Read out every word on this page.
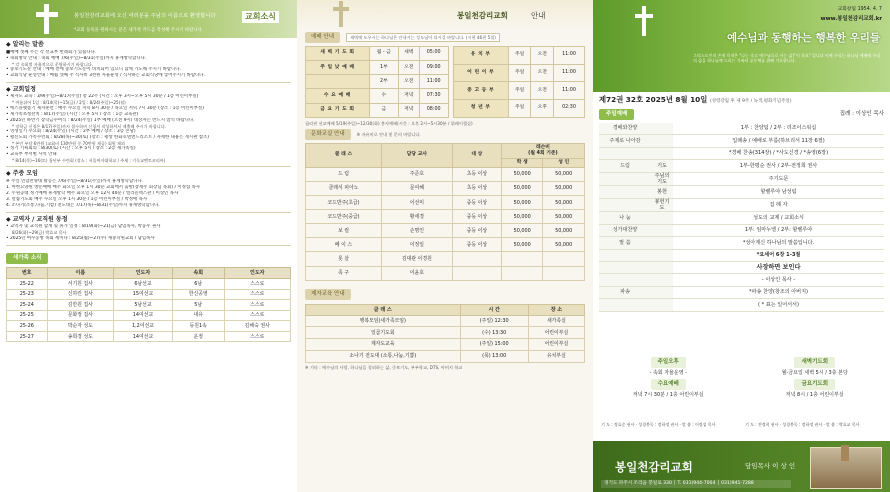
봉일천감리교회에 오신 여러분을 주님의 이름으로 환영합니다
*교회 등록을 원하시는 분은 새가족 카드를 작성해 주시기 바랍니다.
교회소식
◆ 알리는 말씀
■예배 셋째 주는 각 선교부 헌례회가 있습니다.
• 속회방학 안내 : 속회 예배 7/6(주일)~8/31(주일)까지 휴계방학합니다.
* 각 속회별 자율적으로 운영하시기 바랍니다.
• 중보기도문 안내 : 예배 전에 중보기도문이 비치되어 있으니 함께 기도해 주시기 바랍니다.
• 교회식당 운영안내 : 매월 셋째 주 식사비 3천원 자율운영 / 식사하는 교회식당에 넣어주시기 바랍니다.
◆ 교회일정
• 제자도 교육 : 3/9(주일)~8/17(주일) 총 22주 (시간 : 오후 3시~오후 5시 30분 / 1층 어린이부실)
* 여름쉬어 1일 : 8/14(목)~15(금) / 2일 : 8/24(주일)~25(월)
• 에스플랫폼기 제자훈련 : 매주 수요일 저녁 8시 30분 / 목요일 저녁 7시 30분 (장소 : 1층 어린이부실)
• 새가족초청잔치 : 8/17(주일) (시간 : 오후 5시 / 장소 : 1층 교육관)
• 2025년 하반기 장학금수여식 : 8/24(주일) 1부 예배 (오전 9시) 대상자는 반드시 참석 바랍니다.
* 장학금 신청은 8/17(주일)까지 접수하며 신청서 작성하셔서 제출해 주시기 바랍니다.
• 영성일기 수요회 : 8/24(주일) (시간 : 2부 예배 / 장소 : 3층 본당)
• 평신도회 가족수련회 : 8/28(목)~30(토) (장소 : 평창 한화호텔앤드리조트 / 자세한 내용은 게시판 참조)
* 본인 부담 6만원 (교회비 130만원 중 70만원 제공) 회원 제외
• 정기 기획회의 : 8/30(토) (시간 : 오후 5시 / 장소 : 2층 새가족실)
• 교육부 부서별 사역 안내
* 8/14(목)~16(토) 청년부 수련회 (장소 : 서울여자대학교 / 주제 : 기독교멘토코리아)
◆ 주중 모임
※ 주일 연합찬양대 활동은 7/6(주일)~8/31(주일)까지 휴계방학합니다.
1. 아현요양원 방문예배 매주 화요일 오후 1시 30분 교회에서 출발(장재주 회장님 목회) / 이정섭 목사
2. 두원공대 정기예배 휴계방학 매주 화요일 오후 12시 40분 / 엘리콜렉스관 / 이상인 목사
3. 말씀기도회 매주 수요일 오후 1시 30분 / 1층 어린이부실 / 박정애 목사
4. 소나기(소통,나눔,기쁨) 전도대는 7/17(목)~8/31(주일)까지 휴계방학합니다.
◆ 교역자 / 교직원 동정
• 교역자 및 교직원 합계 및 휴가 일정 : 8/19(화)~21(금) 담임목사, 박웅우 권사
8/26(화)~29(금) 박효교 목사
• 2025년 여수동방 목회 세미나 : 8/25(월)~27(수) 새중학원교회 / 담임목사
새가족 소식
번호	이름	인도자	속회	인도자
25-22	서기원 집사	6남선교	6남	스스로
25-23	신하린 집사	15여선교	한신공영	스스로
25-24	김만원 집사	5남선교	5남	스스로
25-25	문화정 집사	14여선교	내유	스스로
25-26	박순자 성도	1,2여선교	등원1속	김해숙 권사
25-27	송희경 성도	14여선교	운정	스스로
봉일천감리교회	안내
예배 안내	새벽에 도우시는 하나님은 안내시는 성도님이 되시길 바랍니다. (시편 46편 5절)
새 벽 기 도 회	월 - 금	새벽	05:00
주 일 낮 예 배	1부	오전	09:00
	2부	오전	11:00
수 요 예 배	수	저녁	07:30
금 요 기 도 회	금	저녁	08:00
유 치 부	주일	오전	11:00
어 린 이 부	주일	오전	11:00
중 고 등 부	주일	오전	11:00
청 년 부	주일	오후	02:30
필리핀 선교예배 5/19(주일)~12/30(화) 봉사예배(시간 : 오후 2시~5시30분 / 위레이첼실)
문화교실 안내	※ 자유비로 안내 및 문의 바랍니다.
클 래 스	담당 교사	대 상	레슨비
(월 4회 기준)	
			학 생	성 인
드 럼	주준호	초등 이상	50,000	50,000
클래식 피아노	문여혜	초등 이상	50,000	50,000
코드반주(초급)	이선미	중등 이상	50,000	50,000
코드반주(중급)	황세경	중등 이상	50,000	50,000
보 컬	손명인	중등 이상	50,000	50,000
베 이 스	이정일	중등 이상	50,000	50,000
롯 살	김대관 이경원			
족 구	이윤호			
제자교육 안내
클 래 스	시 간	장 소
행복모임(새가족모임)	(주일) 12:30	새가족실
일곱기도회	(수) 13:30	어린이부실
제자도교육	(주일) 15:00	어린이부실
소나기 전도대 (소통,나눔,기쁨)	(목) 13:00	유치부실
※ 기타 : 예수님의 사랑, 하나님을 경외하는 삶, 중보기도, 부부학교, DTS, 아버지 학교
교회창립 1954. 4. 7
www.봉일천감리교회.kr
예수님과 동행하는 행복한 우리들
그리스도인의 존재 목적은 "나는 죽고 예수님으로 사는 삶)"이 목표" 입니다 이에 우리는 하나님 예배에 우리의 삶을 하나님께 드리는 가족의 공동체를 위해 기도합니다.
제72권 32호 2025년 8월 10일 (성령강림 후 제 9주 / 녹색,평화기념주일)
주일예배	집례 : 이상인 목사
경배와찬양		1부 : 찬양팀 / 2부 : 리조이스워십
주제로 나아감		입례송 / 예배로 부름(하브리서 11장 6절)
		*경배 찬송(314장) / *사도신경 / *송영(6장)
드림	기도	1부-한평순 권사 / 2부-전정희 권사
	주님의기도	주기도문
	봉헌	할렐루야 남성팀
	봉헌기도	집 례 자
나 눔		성도의 교제 / 교회소식
성가대찬양		1부: 임마누엘 / 2부: 할렐루야
말 씀		*성아계신 하나님의 말씀입니다.
		*요세어 6장 1-3절
		사장하면 보인다
		- 이상인 목사 -
파송		*파송 찬양(창조의 아버지)
		( * 표는 일어서서)
주일오후
- 속회 자율운영 -
새벽기도회
월-금요일 새벽 5시 / 3층 본당
수요예배
저녁 7시 30분 / 1층 어린이부실
금요기도회
저녁 8시 / 1층 어린이부실
기 도 : 정효순 권사 · 성경봉독 : 정하정 권사 · 말 씀 : 이정섭 목사	기 도 : 전정희 권사 · 성경봉독 : 정하정 권사 · 말 씀 : 박효교 목사
봉일천감리교회	담임목사 이 상 인
경기도 파주시 조리읍 봉일로 330 │ T. 031)944-7004 │ 031)941-7288
